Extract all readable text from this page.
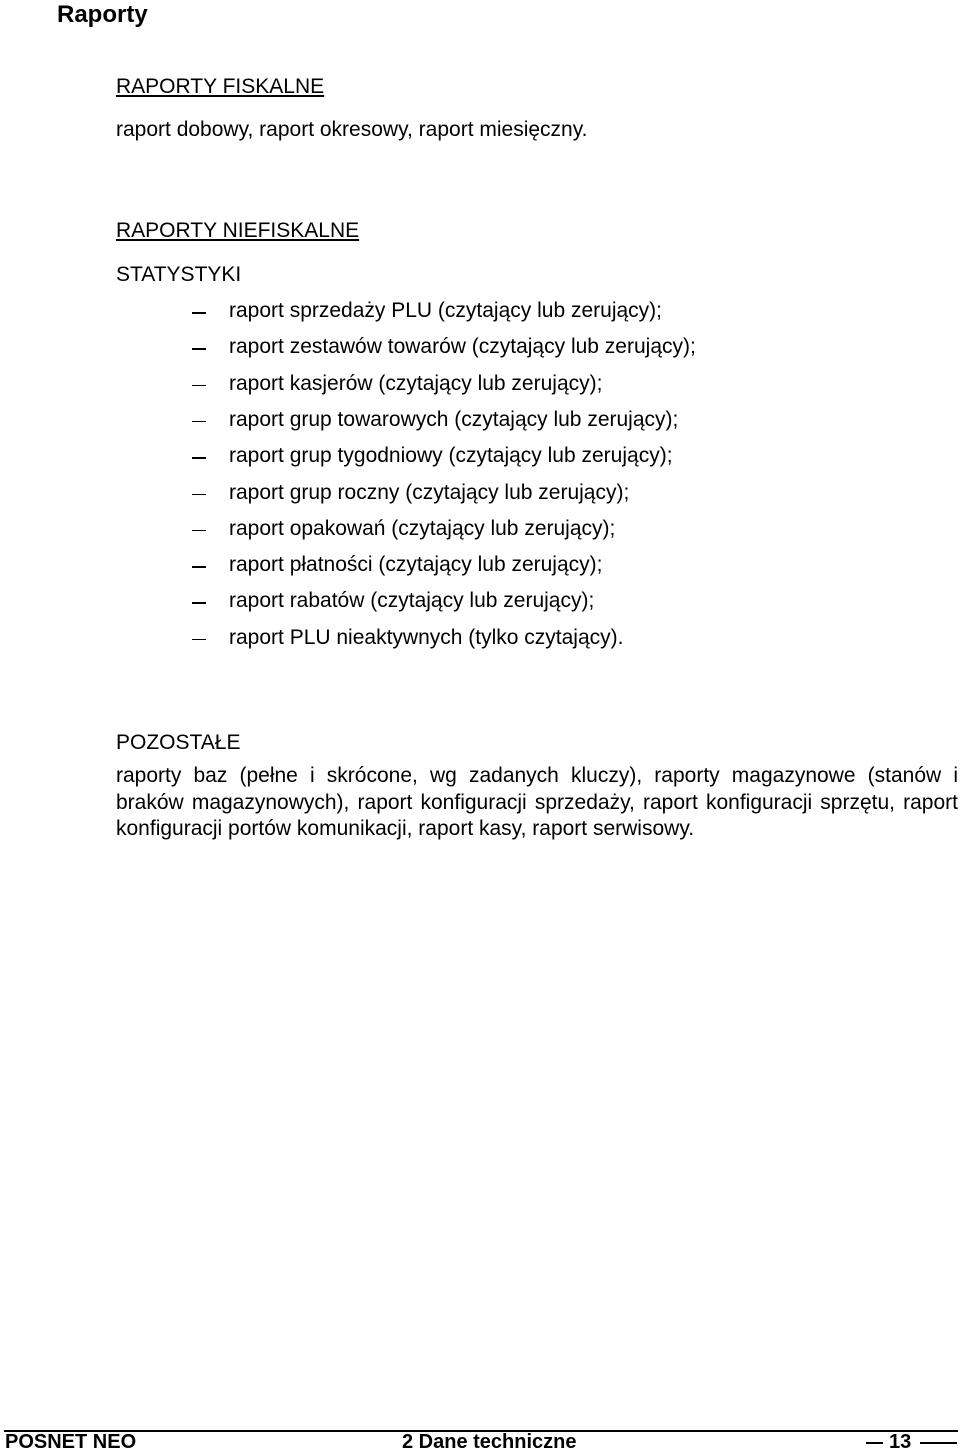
Raporty
RAPORTY FISKALNE
raport dobowy, raport okresowy, raport miesięczny.
RAPORTY NIEFISKALNE
STATYSTYKI
raport sprzedaży PLU (czytający lub zerujący);
raport zestawów towarów (czytający lub zerujący);
raport kasjerów (czytający lub zerujący);
raport grup towarowych (czytający lub zerujący);
raport grup tygodniowy (czytający lub zerujący);
raport grup roczny (czytający lub zerujący);
raport opakowań (czytający lub zerujący);
raport płatności (czytający lub zerujący);
raport rabatów (czytający lub zerujący);
raport PLU nieaktywnych (tylko czytający).
POZOSTAŁE
raporty baz (pełne i skrócone, wg zadanych kluczy), raporty magazynowe (stanów i braków magazynowych), raport konfiguracji sprzedaży, raport konfiguracji sprzętu, raport konfiguracji portów komunikacji, raport kasy, raport serwisowy.
POSNET NEO	2 Dane techniczne	13
